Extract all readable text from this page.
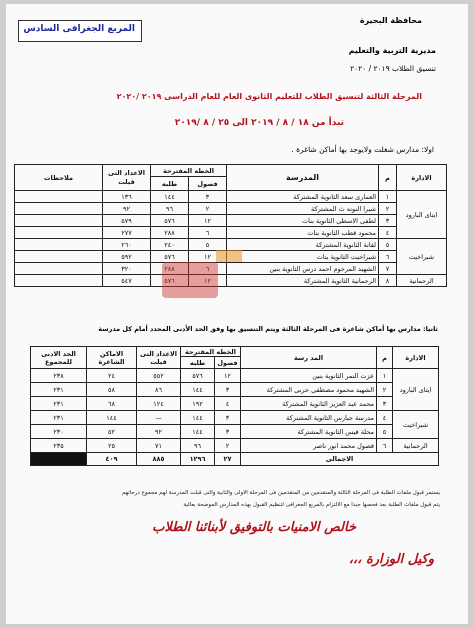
المربع الجغرافى السادس
محافظة البحيرة
مديرية التربية والتعليم
تنسيق الطلاب ٢٠١٩ / ٢٠٢٠
المرحلة الثالثة لتنسيق الطلاب للتعليم الثانوى العام للعام الدراسى ٢٠١٩ /٢٠٢٠
تبدأ من ١٨ / ٨ / ٢٠١٩ الى ٢٥ / ٨ /٢٠١٩
اولا: مدارس شغلت ولايوجد بها أماكن شاغرة .
الادارة	م	المدرسة	الخطه المقترحة		الاعداد التى قبلت	ملاحظات
			فصول	طلبه		
ايتاى البارود	١	العمارى سعد الثانوية المشتركة	٣	١٤٤	١٣٦	
	٢	شبرا النونه ث المشتركة	٢	٩٦	٩٢	
	٣	لطفى الاسطى الثانوية بنات	١٢	٥٧٦	٥٧٩	
	٤	محمود قطب الثانوية بنات	٦	٢٨٨	٢٧٧	
شبراخيت	٥	لقانة الثانوية المشتركة	٥	٢٤٠	٢٦٠	
	٦	شبراخيت الثانوية بنات	١٢	٥٧٦	٥٩٢	
	٧	الشهيد المرحوم احمد درس الثانوية بنين	٦	٢٨٨	٣٢٠	
الرحمانية	٨	الرحمانية الثانوية المشتركة	١٢	٥٧٦	٥٤٧	
ثانيا: مدارس بها أماكن شاغرة فى المرحلة الثالثة ويتم التنسيق بها وفق الحد الأدنى المحدد أمام كل مدرسة
الادارة	م	المد رسة	الخطه المقترحة		الاعداد التى قبلت	الاماكن الشاغرة	الحد الادنى للمجموع
			فصول	طلبه			
ايتاى البارود	١	عزت النمر الثانوية بنين	١٢	٥٧٦	٥٥٢	٢٤	٢٣٨
	٢	الشهيد محمود مصطفى حربى المشتركة	٣	١٤٤	٨٦	٥٨	٢٣١
	٣	محمد عبد العزيز الثانوية المشتركة	٤	١٩٢	١٢٤	٦٨	٢٣١
شبراخيت	٤	مدرسة جبارس الثانوية المشتركة	٣	١٤٤	—	١٤٤	٢٣١
	٥	محلة قيس الثانوية المشتركة	٣	١٤٤	٩٢	٥٢	٢٣٠
الرحمانية	٦	قصول محمد انور ناصر	٢	٩٦	٧١	٢٥	٢٣٥
الاجمالى			٢٧	١٢٩٦	٨٨٥	٤٠٩	
يستمر قبول ملفات الطلبة فى المرحلة الثالثة والمتقدمين من المتقدمين فى المرحلة الاولى والثانية والتى قبلت المدرسة لهم مجموع درجاتهم
يتم قبول ملفات الطلبة بعد فحصها جيدا مع الالتزام بالمربع الجغرافى لتنظيم القبول بهذه المدارس الموضحة بعالية
خالص الامنيات بالتوفيق لأبنائنا الطلاب
وكيل الوزارة ،،،
